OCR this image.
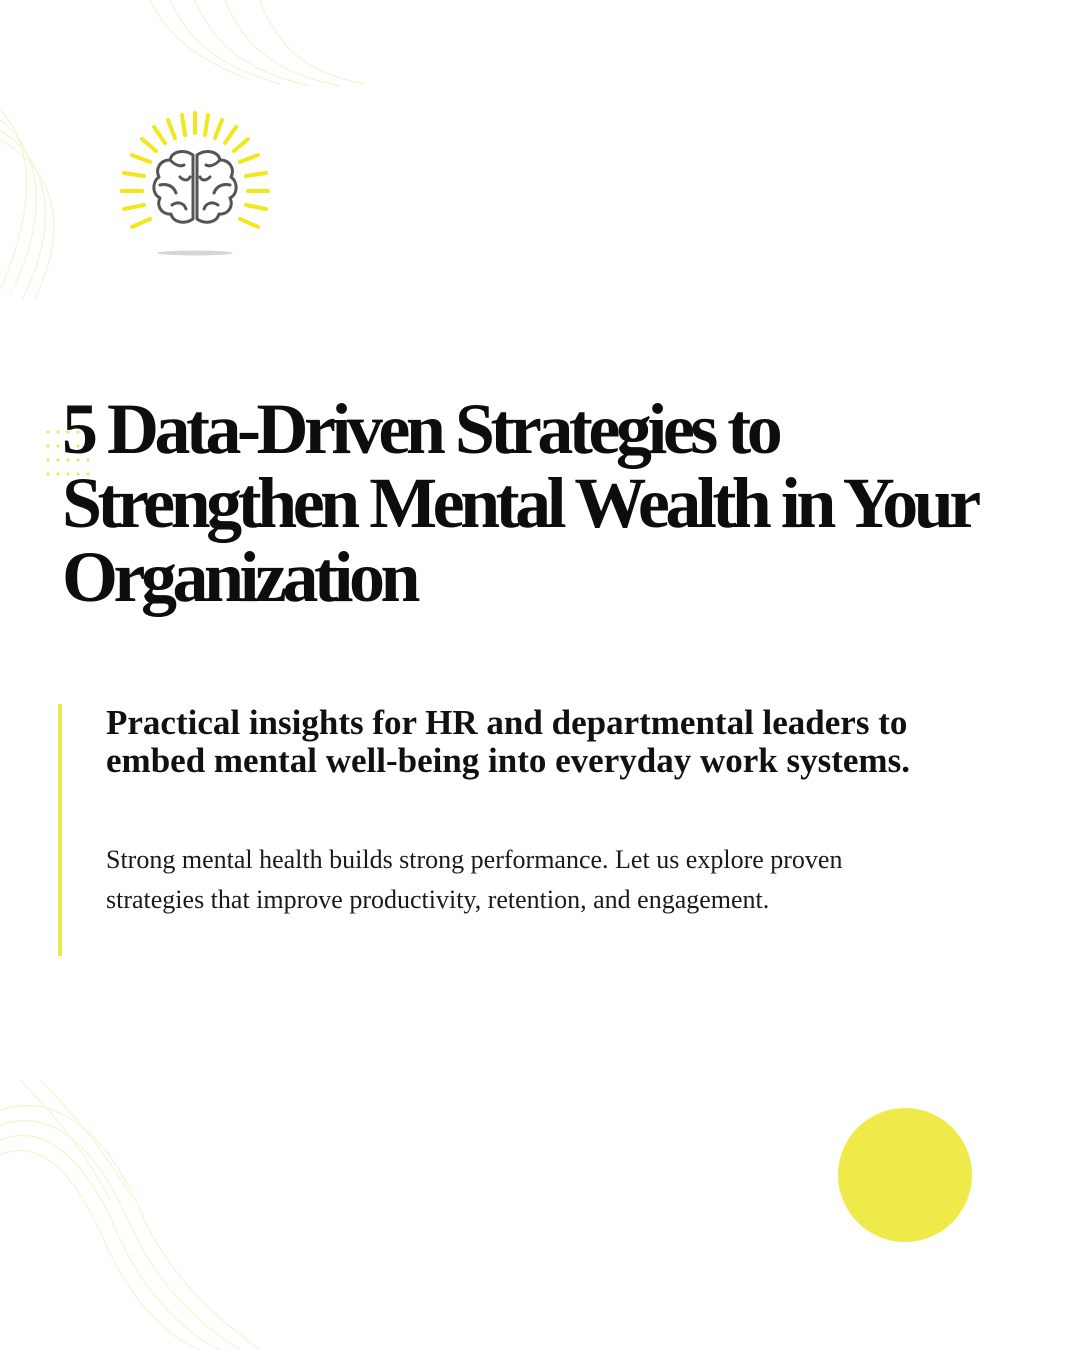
5 Data-Driven Strategies to Strengthen Mental Wealth in Your Organization
Practical insights for HR and departmental leaders to embed mental well-being into everyday work systems.

Strong mental health builds strong performance. Let us explore proven strategies that improve productivity, retention, and engagement.
